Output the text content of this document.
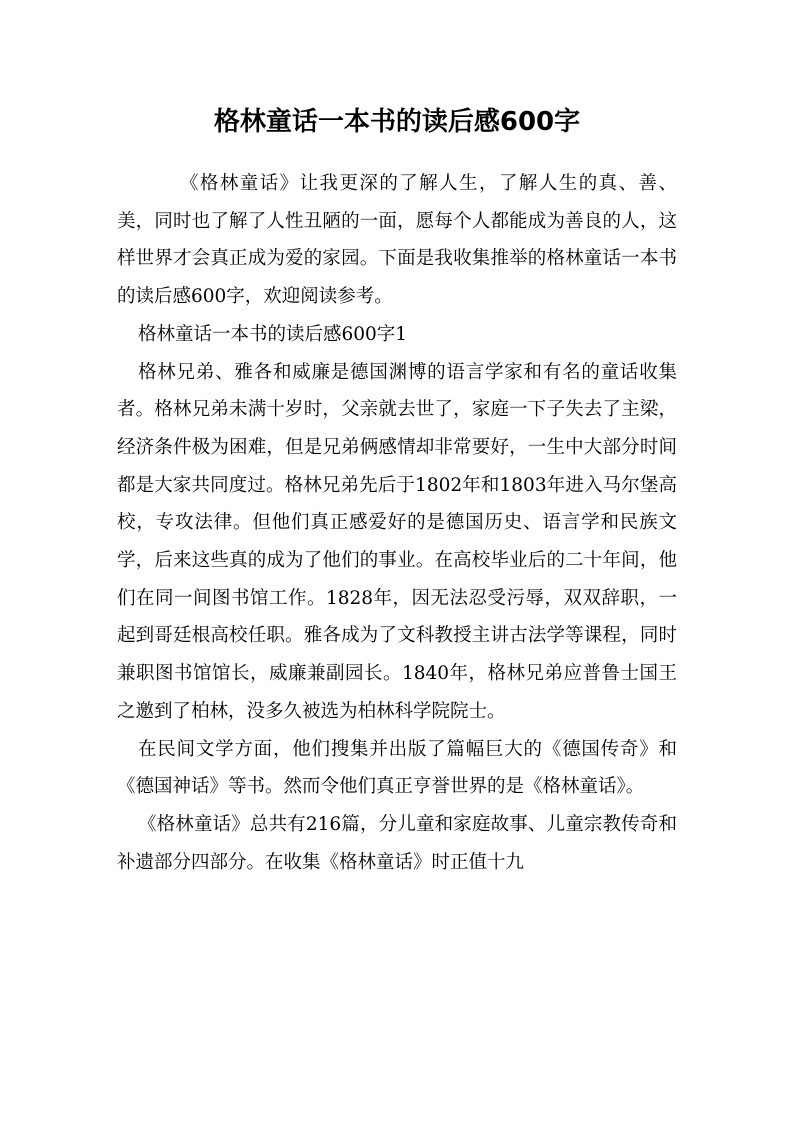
格林童话一本书的读后感600字

《格林童话》让我更深的了解人生，了解人生的真、善、美，同时也了解了人性丑陋的一面，愿每个人都能成为善良的人，这样世界才会真正成为爱的家园。下面是我收集推举的格林童话一本书的读后感600字，欢迎阅读参考。

格林童话一本书的读后感600字1

格林兄弟、雅各和威廉是德国渊博的语言学家和有名的童话收集者。格林兄弟未满十岁时，父亲就去世了，家庭一下子失去了主梁，经济条件极为困难，但是兄弟俩感情却非常要好，一生中大部分时间都是大家共同度过。格林兄弟先后于1802年和1803年进入马尔堡高校，专攻法律。但他们真正感爱好的是德国历史、语言学和民族文学，后来这些真的成为了他们的事业。在高校毕业后的二十年间，他们在同一间图书馆工作。1828年，因无法忍受污辱，双双辞职，一起到哥廷根高校任职。雅各成为了文科教授主讲古法学等课程，同时兼职图书馆馆长，威廉兼副园长。1840年，格林兄弟应普鲁士国王之邀到了柏林，没多久被选为柏林科学院院士。

在民间文学方面，他们搜集并出版了篇幅巨大的《德国传奇》和《德国神话》等书。然而令他们真正亨誉世界的是《格林童话》。

《格林童话》总共有216篇，分儿童和家庭故事、儿童宗教传奇和补遗部分四部分。在收集《格林童话》时正值十九
